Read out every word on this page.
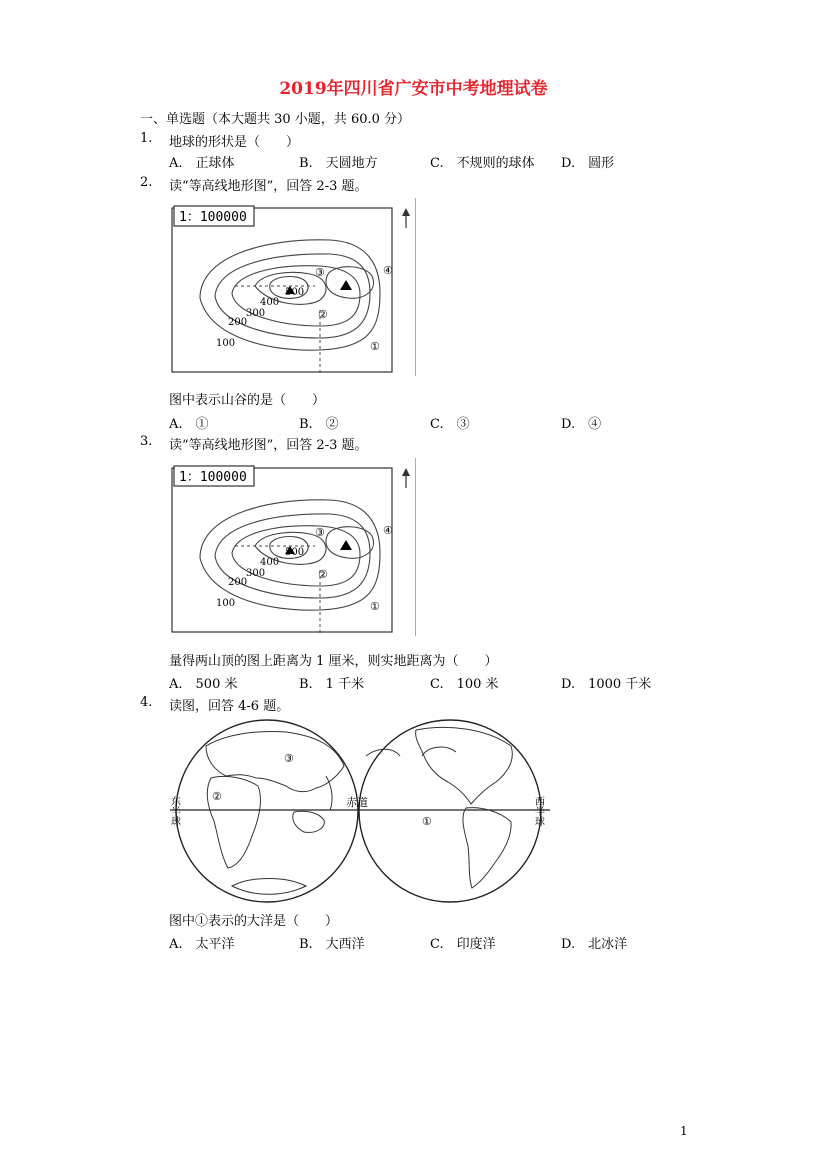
2019年四川省广安市中考地理试卷
一、单选题（本大题共 30 小题，共 60.0 分）
1. 地球的形状是（　　）
A.　正球体	B.　天圆地方	C.　不规则的球体 D.　圆形
2. 读“等高线地形图”，回答 2-3 题。
1：100000
500
400
300
200
100	①
②
③	④
图中表示山谷的是（　　）
A.　①	B.　②	C.　③	D.　④
3. 读“等高线地形图”，回答 2-3 题。
1：100000
500
400
300
200
100	①
②
③	④
量得两山顶的图上距离为 1 厘米，则实地距离为（　　）
A.　500 米	B.　1 千米	C.　100 米	D.　1000 千米
4. 读图，回答 4-6 题。
东半球	西半球
赤道
①
②
③
图中①表示的大洋是（　　）
A.　太平洋	B.　大西洋	C.　印度洋	D.　北冰洋
1
